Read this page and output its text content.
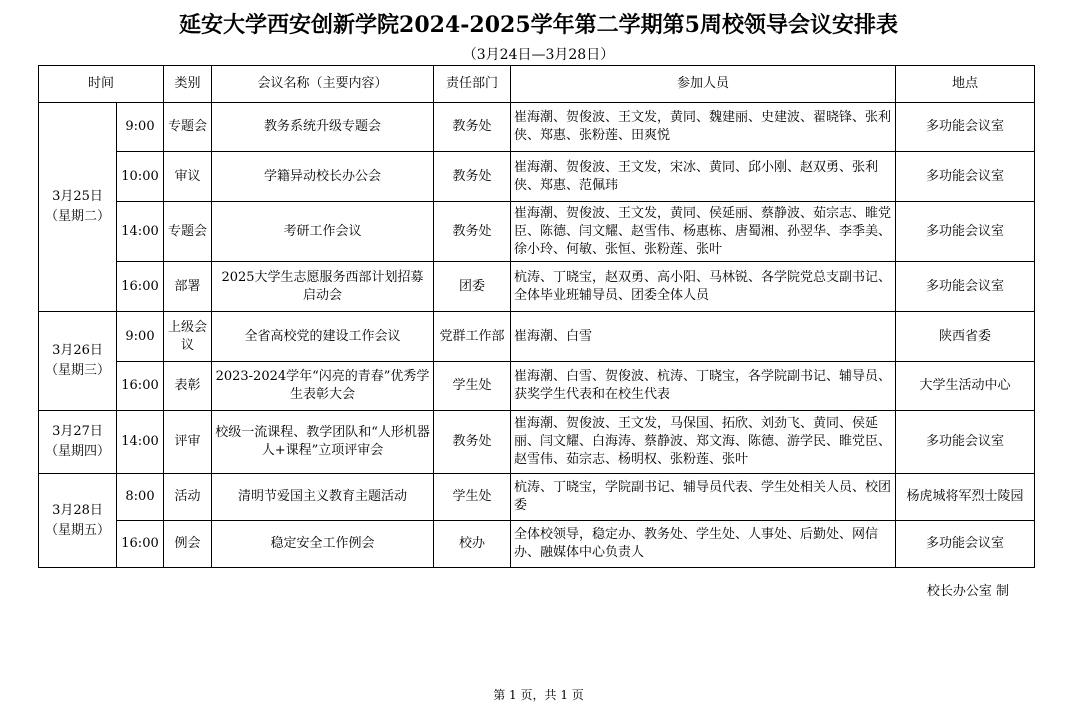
延安大学西安创新学院2024-2025学年第二学期第5周校领导会议安排表
（3月24日—3月28日）
时间		类别	会议名称（主要内容）	责任部门	参加人员	地点

3月25日
（星期二）	9:00	专题会	教务系统升级专题会	教务处	崔海潮、贺俊波、王文发，黄同、魏建丽、史建波、翟晓锋、张利侠、郑惠、张粉莲、田爽悦	多功能会议室
	10:00	审议	学籍异动校长办公会	教务处	崔海潮、贺俊波、王文发，宋冰、黄同、邱小刚、赵双勇、张利侠、郑惠、范佩玮	多功能会议室
	14:00	专题会	考研工作会议	教务处	崔海潮、贺俊波、王文发，黄同、侯延丽、蔡静波、茹宗志、睢党臣、陈德、闫文耀、赵雪伟、杨惠栋、唐蜀湘、孙翌华、李季美、徐小玲、何敏、张恒、张粉莲、张叶	多功能会议室
	16:00	部署	2025大学生志愿服务西部计划招募启动会	团委	杭涛、丁晓宝，赵双勇、高小阳、马林锐、各学院党总支副书记、全体毕业班辅导员、团委全体人员	多功能会议室

3月26日
（星期三）	9:00	上级会议	全省高校党的建设工作会议	党群工作部	崔海潮、白雪	陕西省委
	16:00	表彰	2023-2024学年“闪亮的青春”优秀学生表彰大会	学生处	崔海潮、白雪、贺俊波、杭涛、丁晓宝，各学院副书记、辅导员、获奖学生代表和在校生代表	大学生活动中心

3月27日
（星期四）	14:00	评审	校级一流课程、教学团队和“人形机器人+课程”立项评审会	教务处	崔海潮、贺俊波、王文发，马保国、拓欣、刘劲飞、黄同、侯延丽、闫文耀、白海涛、蔡静波、郑文海、陈德、游学民、睢党臣、赵雪伟、茹宗志、杨明权、张粉莲、张叶	多功能会议室

3月28日
（星期五）	8:00	活动	清明节爱国主义教育主题活动	学生处	杭涛、丁晓宝，学院副书记、辅导员代表、学生处相关人员、校团委	杨虎城将军烈士陵园
	16:00	例会	稳定安全工作例会	校办	全体校领导，稳定办、教务处、学生处、人事处、后勤处、网信办、融媒体中心负责人	多功能会议室
校长办公室 制
第 1 页，共 1 页
